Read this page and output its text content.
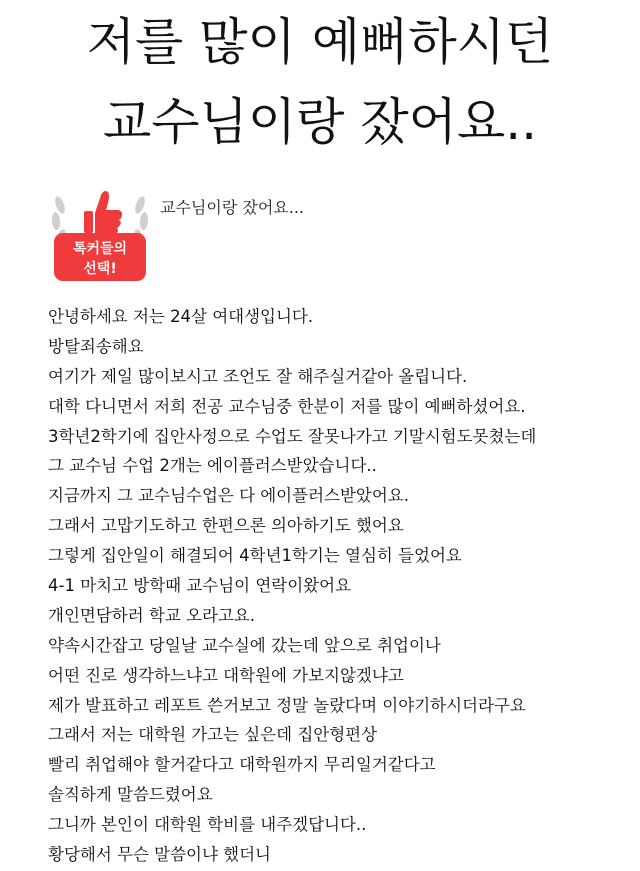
저를 많이 예뻐하시던
교수님이랑 잤어요..
톡커들의
선택!
교수님이랑 잤어요...
안녕하세요 저는 24살 여대생입니다.
방탈죄송해요
여기가 제일 많이보시고 조언도 잘 해주실거같아 올립니다.
대학 다니면서 저희 전공 교수님중 한분이 저를 많이 예뻐하셨어요.
3학년2학기에 집안사정으로 수업도 잘못나가고 기말시험도못쳤는데
그 교수님 수업 2개는 에이플러스받았습니다..
지금까지 그 교수님수업은 다 에이플러스받았어요.
그래서 고맙기도하고 한편으론 의아하기도 했어요
그렇게 집안일이 해결되어 4학년1학기는 열심히 들었어요
4-1 마치고 방학때 교수님이 연락이왔어요
개인면담하러 학교 오라고요.
약속시간잡고 당일날 교수실에 갔는데 앞으로 취업이나
어떤 진로 생각하느냐고 대학원에 가보지않겠냐고
제가 발표하고 레포트 쓴거보고 정말 놀랐다며 이야기하시더라구요
그래서 저는 대학원 가고는 싶은데 집안형편상
빨리 취업해야 할거같다고 대학원까지 무리일거같다고
솔직하게 말씀드렸어요
그니까 본인이 대학원 학비를 내주겠답니다..
황당해서 무슨 말씀이냐 했더니
